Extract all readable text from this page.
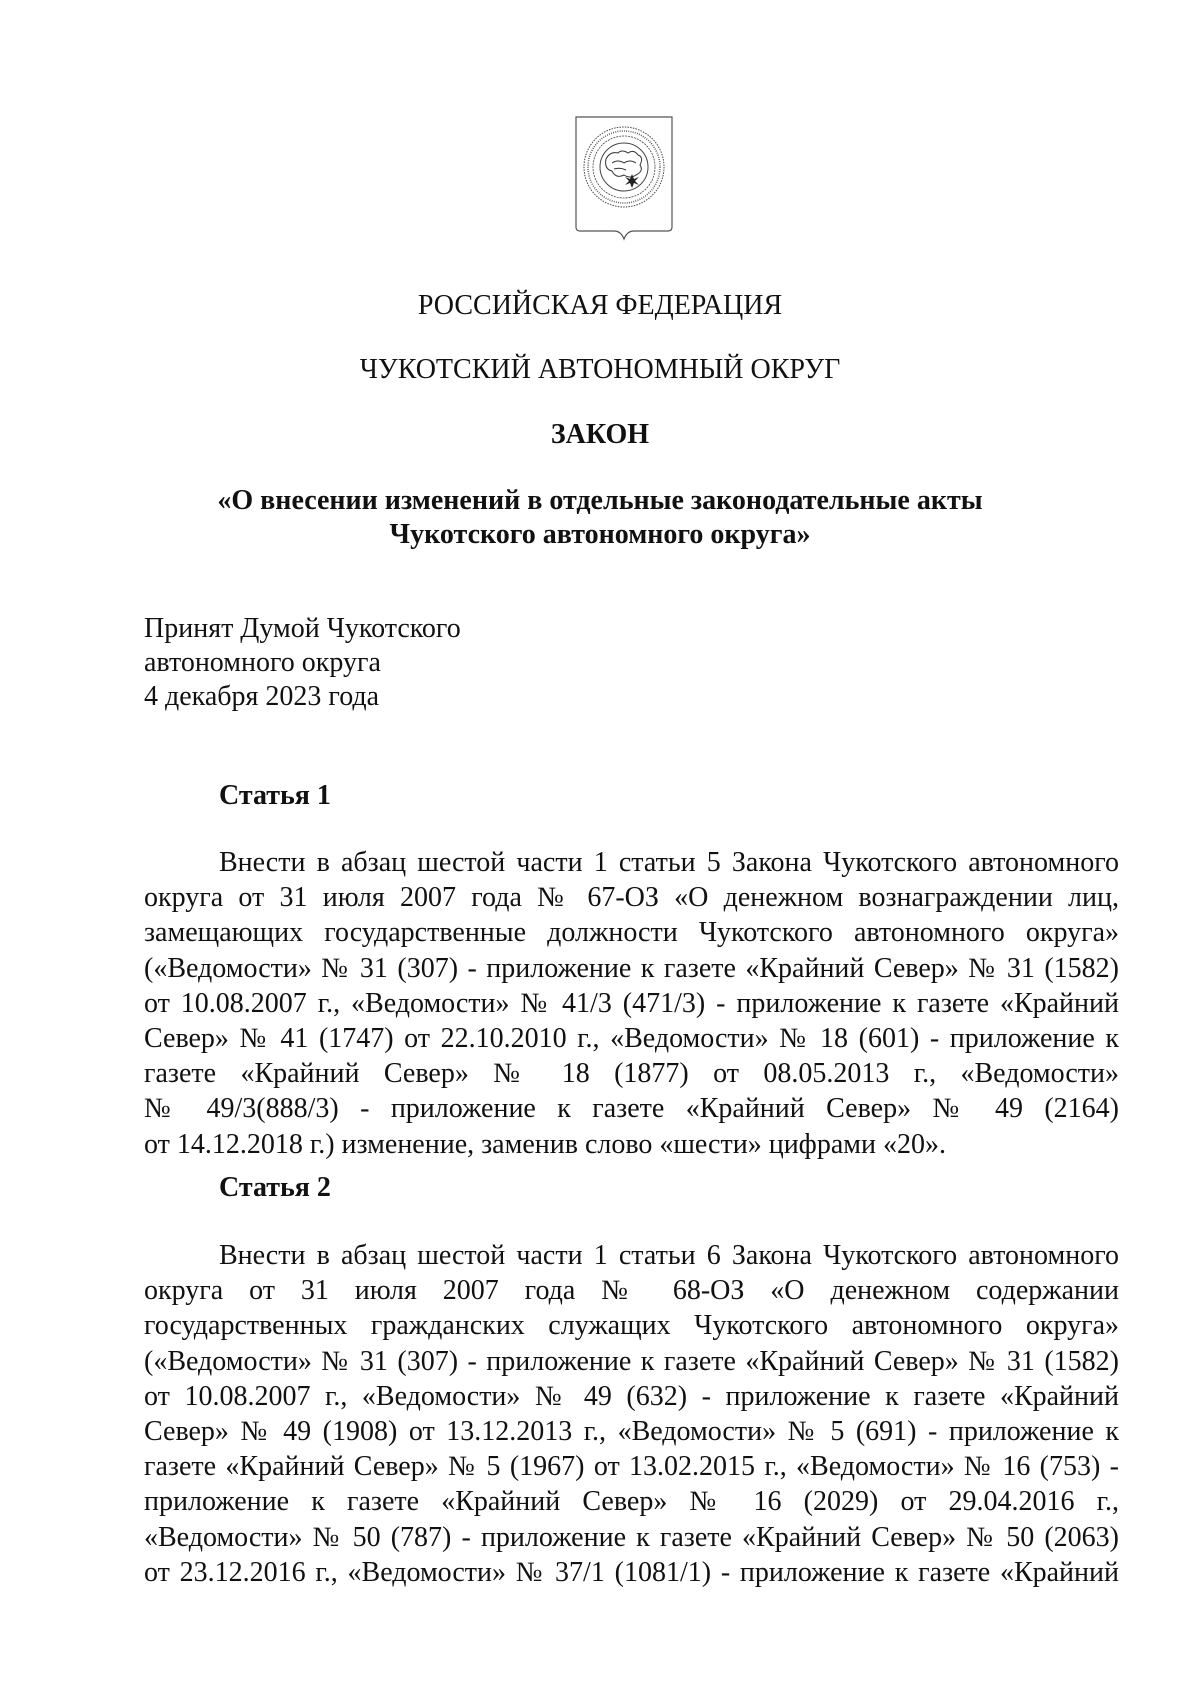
РОССИЙСКАЯ ФЕДЕРАЦИЯ
ЧУКОТСКИЙ АВТОНОМНЫЙ ОКРУГ
ЗАКОН
«О внесении изменений в отдельные законодательные акты
Чукотского автономного округа»
Принят Думой Чукотского
автономного округа
4 декабря 2023 года
Статья 1
Внести в абзац шестой части 1 статьи 5 Закона Чукотского автономного
округа от 31 июля 2007 года № 67-ОЗ «О денежном вознаграждении лиц,
замещающих государственные должности Чукотского автономного округа»
(«Ведомости» № 31 (307) - приложение к газете «Крайний Север» № 31 (1582)
от 10.08.2007 г., «Ведомости» № 41/3 (471/3) - приложение к газете «Крайний
Север» № 41 (1747) от 22.10.2010 г., «Ведомости» № 18 (601) - приложение к
газете «Крайний Север» № 18 (1877) от 08.05.2013 г., «Ведомости»
№ 49/3(888/3) - приложение к газете «Крайний Север» № 49 (2164)
от 14.12.2018 г.) изменение, заменив слово «шести» цифрами «20».
Статья 2
Внести в абзац шестой части 1 статьи 6 Закона Чукотского автономного
округа от 31 июля 2007 года № 68-ОЗ «О денежном содержании
государственных гражданских служащих Чукотского автономного округа»
(«Ведомости» № 31 (307) - приложение к газете «Крайний Север» № 31 (1582)
от 10.08.2007 г., «Ведомости» № 49 (632) - приложение к газете «Крайний
Север» № 49 (1908) от 13.12.2013 г., «Ведомости» № 5 (691) - приложение к
газете «Крайний Север» № 5 (1967) от 13.02.2015 г., «Ведомости» № 16 (753) -
приложение к газете «Крайний Север» № 16 (2029) от 29.04.2016 г.,
«Ведомости» № 50 (787) - приложение к газете «Крайний Север» № 50 (2063)
от 23.12.2016 г., «Ведомости» № 37/1 (1081/1) - приложение к газете «Крайний
